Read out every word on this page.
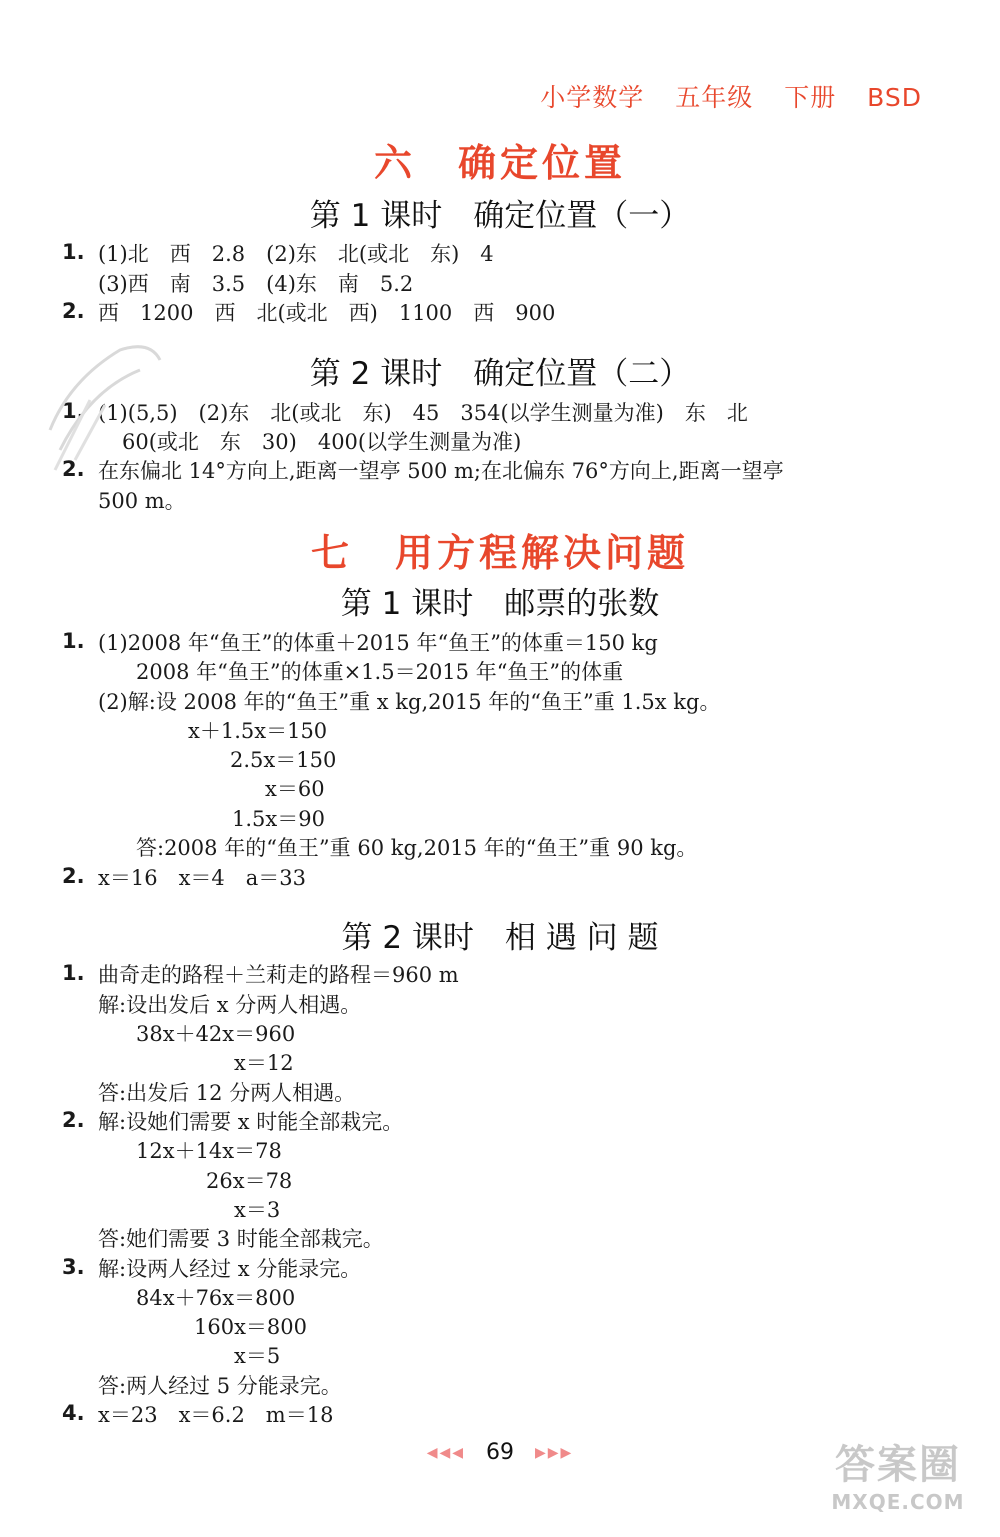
小学数学 五年级 下册 BSD
六　确定位置
第 1 课时　确定位置（一）
1. (1)北　西　2.8　(2)东　北(或北　东)　4
(3)西　南　3.5　(4)东　南　5.2
2. 西　1200　西　北(或北　西)　1100　西　900
第 2 课时　确定位置（二）
1. (1)(5,5)　(2)东　北(或北　东)　45　354(以学生测量为准)　东　北
60(或北　东　30)　400(以学生测量为准)
2. 在东偏北 14°方向上,距离一望亭 500 m;在北偏东 76°方向上,距离一望亭
500 m。
七　用方程解决问题
第 1 课时　邮票的张数
1. (1)2008 年“鱼王”的体重＋2015 年“鱼王”的体重＝150 kg
2008 年“鱼王”的体重×1.5＝2015 年“鱼王”的体重
(2)解:设 2008 年的“鱼王”重 x kg,2015 年的“鱼王”重 1.5x kg。
x＋1.5x＝150
2.5x＝150
x＝60
1.5x＝90
答:2008 年的“鱼王”重 60 kg,2015 年的“鱼王”重 90 kg。
2. x＝16　x＝4　a＝33
第 2 课时　相 遇 问 题
1. 曲奇走的路程＋兰莉走的路程＝960 m
解:设出发后 x 分两人相遇。
38x＋42x＝960
x＝12
答:出发后 12 分两人相遇。
2. 解:设她们需要 x 时能全部栽完。
12x＋14x＝78
26x＝78
x＝3
答:她们需要 3 时能全部栽完。
3. 解:设两人经过 x 分能录完。
84x＋76x＝800
160x＝800
x＝5
答:两人经过 5 分能录完。
4. x＝23　x＝6.2　m＝18
◀◀◀ 69 ▶▶▶	答案圈
MXQE.COM
